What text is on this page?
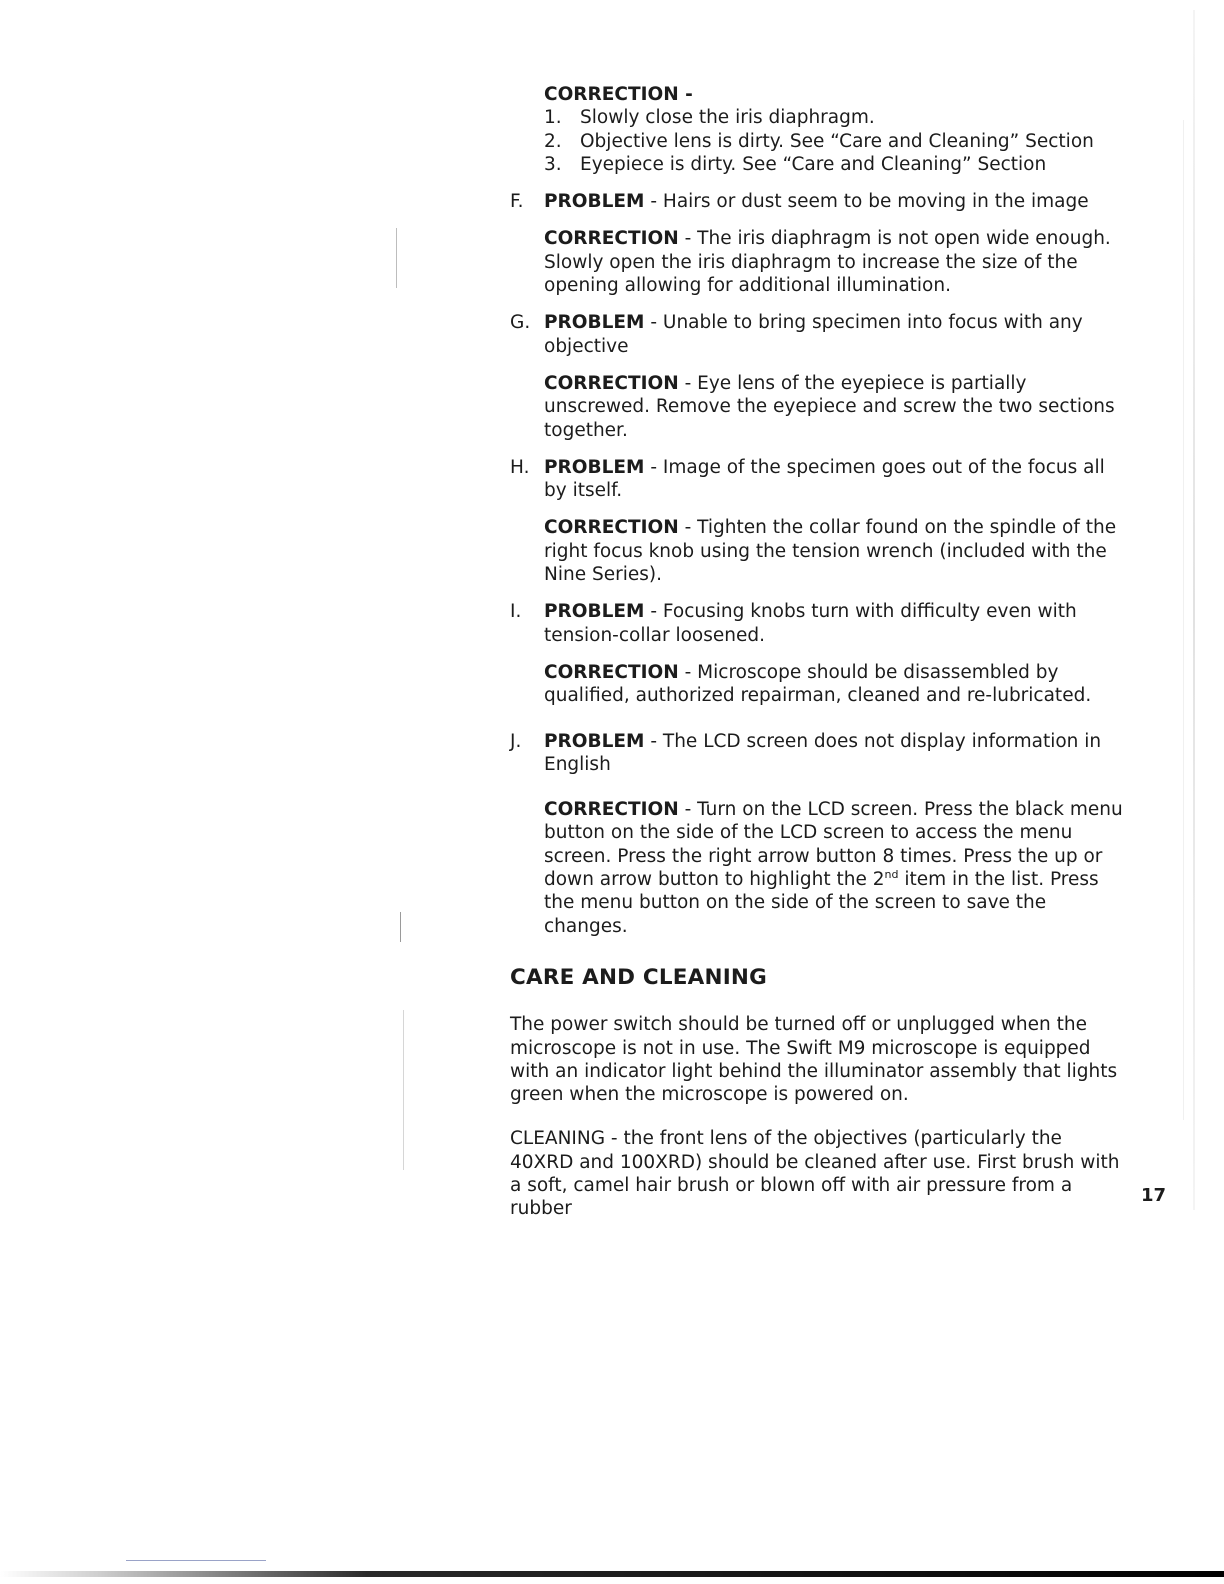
CORRECTION -

1. Slowly close the iris diaphragm.
2. Objective lens is dirty. See “Care and Cleaning” Section
3. Eyepiece is dirty. See “Care and Cleaning” Section
F. PROBLEM - Hairs or dust seem to be moving in the image

CORRECTION - The iris diaphragm is not open wide enough. Slowly open the iris diaphragm to increase the size of the opening allowing for additional illumination.

G. PROBLEM - Unable to bring specimen into focus with any objective

CORRECTION - Eye lens of the eyepiece is partially unscrewed. Remove the eyepiece and screw the two sections together.

H. PROBLEM - Image of the specimen goes out of the focus all by itself.

CORRECTION - Tighten the collar found on the spindle of the right focus knob using the tension wrench (included with the Nine Series).

I. PROBLEM - Focusing knobs turn with difficulty even with tension-collar loosened.

CORRECTION - Microscope should be disassembled by qualified, authorized repairman, cleaned and re-lubricated.

J. PROBLEM - The LCD screen does not display information in English

CORRECTION - Turn on the LCD screen. Press the black menu button on the side of the LCD screen to access the menu screen. Press the right arrow button 8 times. Press the up or down arrow button to highlight the 2nd item in the list. Press the menu button on the side of the screen to save the changes.

CARE AND CLEANING

The power switch should be turned off or unplugged when the microscope is not in use. The Swift M9 microscope is equipped with an indicator light behind the illuminator assembly that lights green when the microscope is powered on.

CLEANING - the front lens of the objectives (particularly the 40XRD and 100XRD) should be cleaned after use. First brush with a soft, camel hair brush or blown off with air pressure from a rubber

17
